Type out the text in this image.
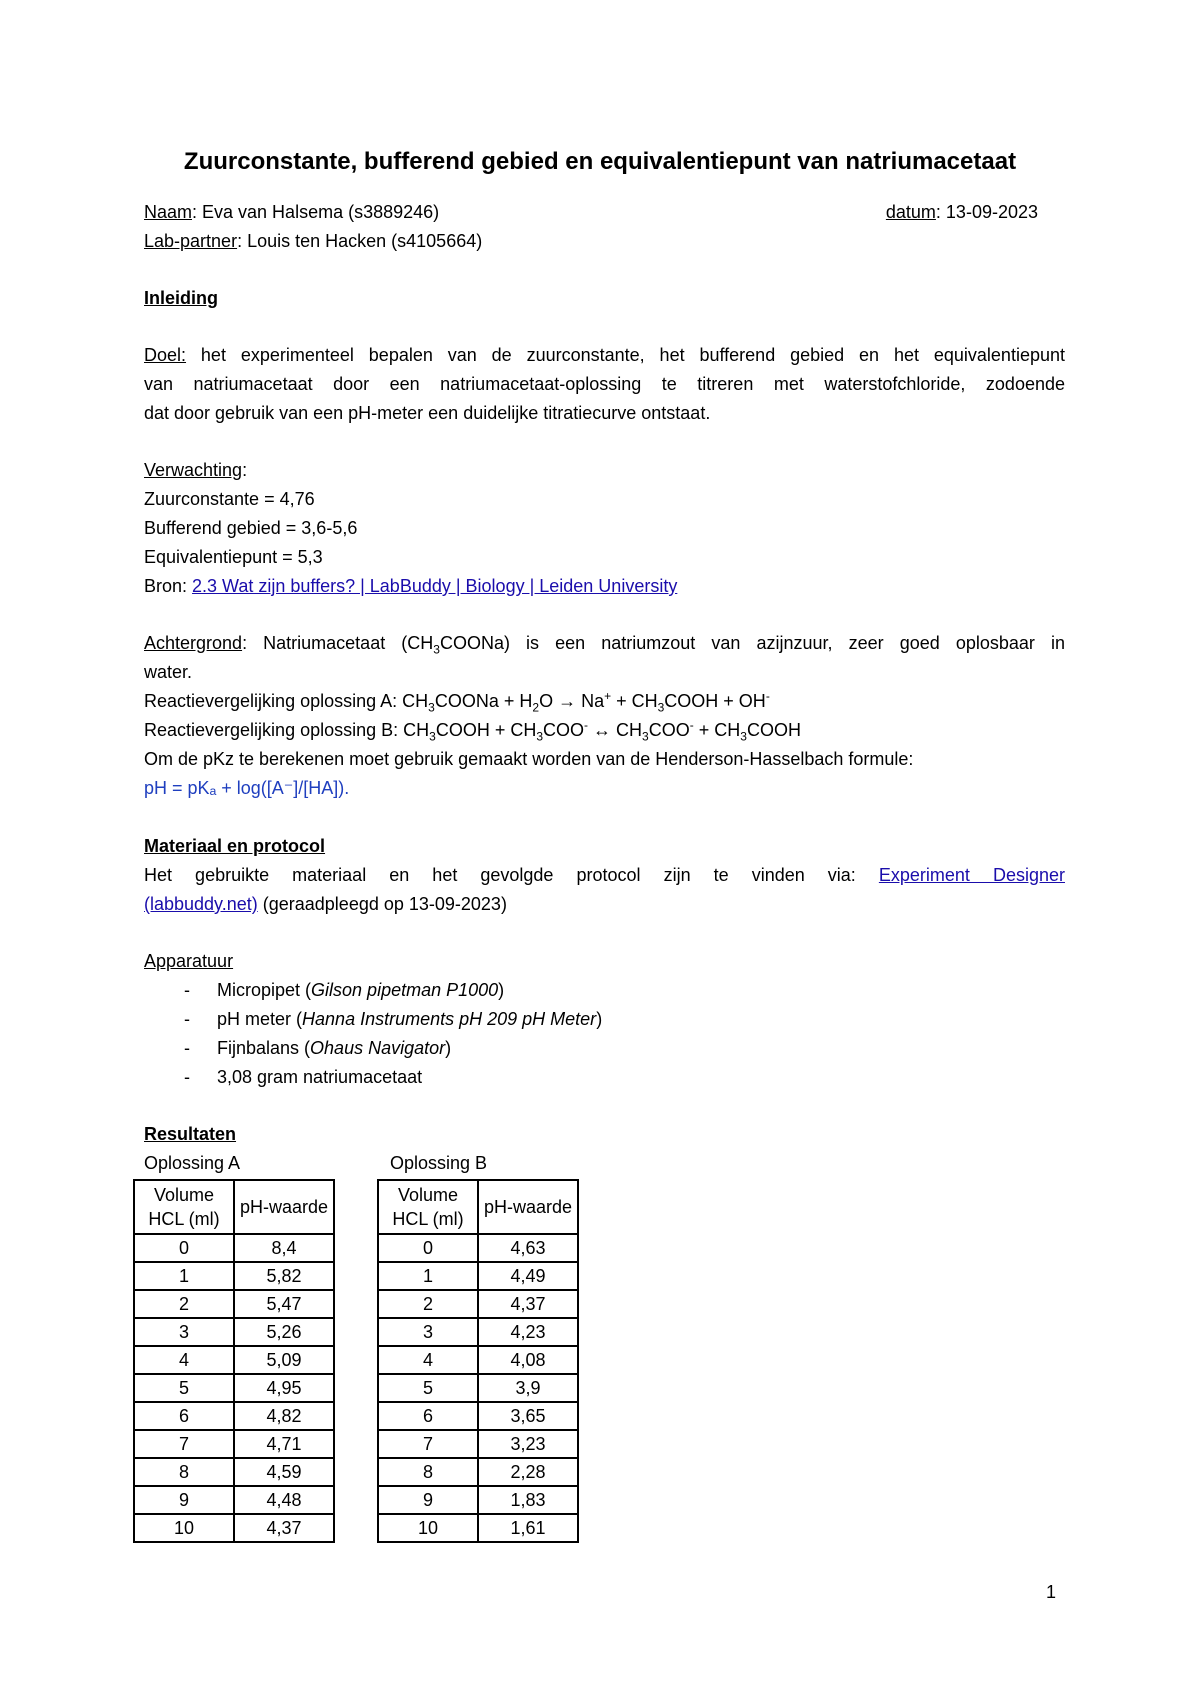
Zuurconstante, bufferend gebied en equivalentiepunt van natriumacetaat
Naam: Eva van Halsema (s3889246)	datum: 13-09-2023
Lab-partner: Louis ten Hacken (s4105664)
Inleiding
Doel: het experimenteel bepalen van de zuurconstante, het bufferend gebied en het equivalentiepunt
van natriumacetaat door een natriumacetaat-oplossing te titreren met waterstofchloride, zodoende
dat door gebruik van een pH-meter een duidelijke titratiecurve ontstaat.
Verwachting:
Zuurconstante = 4,76
Bufferend gebied = 3,6-5,6
Equivalentiepunt = 5,3
Bron: 2.3 Wat zijn buffers? | LabBuddy | Biology | Leiden University
Achtergrond: Natriumacetaat $(CH_3COONa)$ is een natriumzout van azijnzuur, zeer goed oplosbaar in
water.
Reactievergelijking oplossing A: $CH_3COONa + H_2O \to Na^+$ + $CH_3COOH + OH^-$
Reactievergelijking oplossing B: $CH_3COOH + CH_3COO^-$ ↔ $CH_3COO^-$ + $CH_3COOH$
Om de pKz te berekenen moet gebruik gemaakt worden van de Henderson-Hasselbach formule:
pH = pKₐ + log([A⁻]/[HA]).
Materiaal en protocol
Het gebruikte materiaal en het gevolgde protocol zijn te vinden via: Experiment Designer
(labbuddy.net) (geraadpleegd op 13-09-2023)
Apparatuur
- Micropipet (Gilson pipetman P1000)
- pH meter (Hanna Instruments pH 209 pH Meter)
- Fijnbalans (Ohaus Navigator)
- 3,08 gram natriumacetaat
Resultaten
Oplossing A	Oplossing B
Volume HCL (ml)	pH-waarde
0	8,4
1	5,82
2	5,47
3	5,26
4	5,09
5	4,95
6	4,82
7	4,71
8	4,59
9	4,48
10	4,37
Volume HCL (ml)	pH-waarde
0	4,63
1	4,49
2	4,37
3	4,23
4	4,08
5	3,9
6	3,65
7	3,23
8	2,28
9	1,83
10	1,61
1
